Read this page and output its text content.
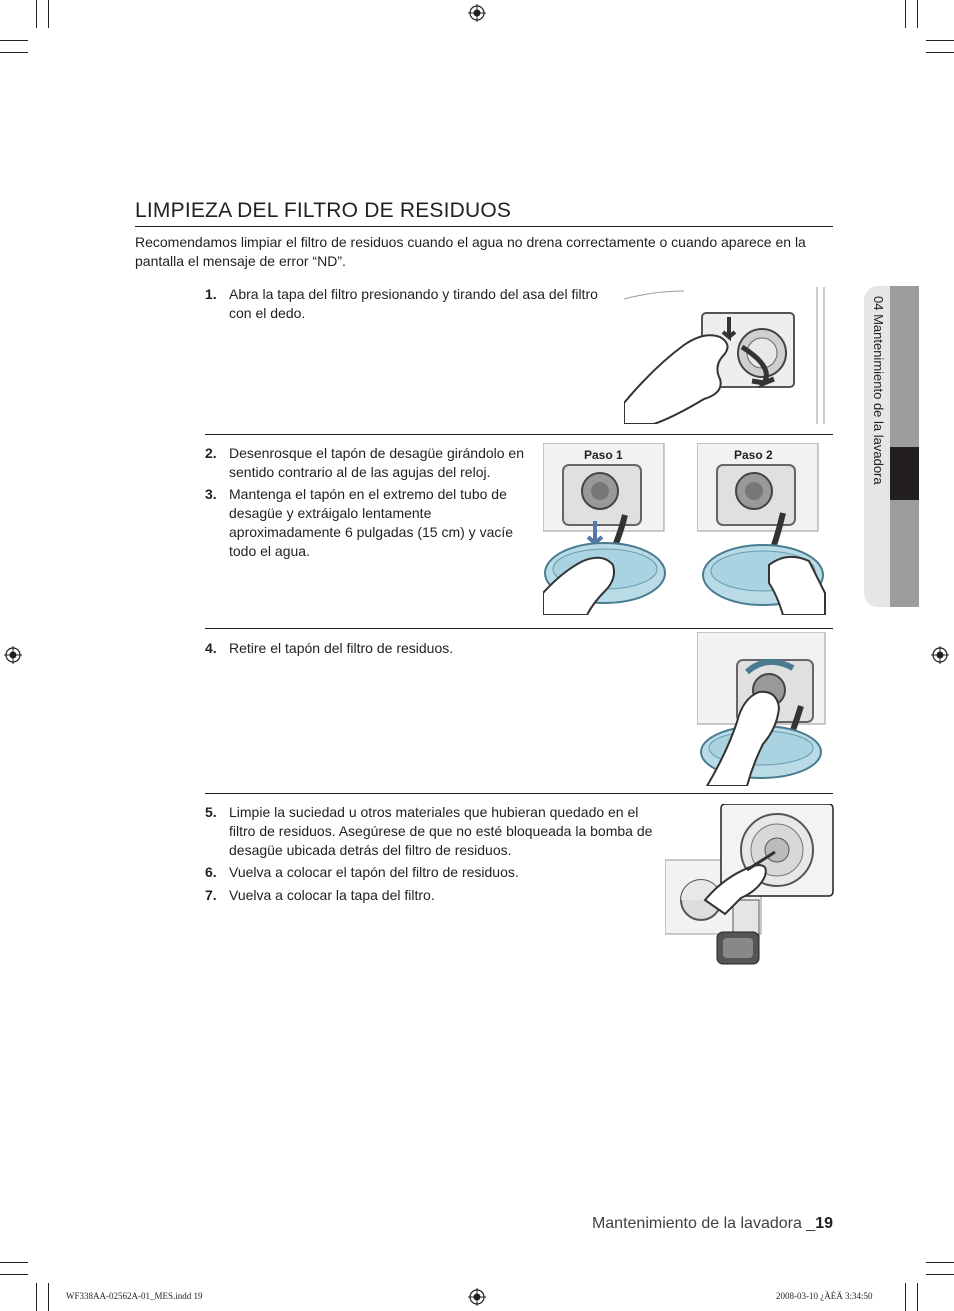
LIMPIEZA DEL FILTRO DE RESIDUOS
Recomendamos limpiar el filtro de residuos cuando el agua no drena correctamente o cuando aparece en la pantalla el mensaje de error “ND”.
1. Abra la tapa del filtro presionando y tirando del asa del filtro con el dedo.
2. Desenrosque el tapón de desagüe girándolo en sentido contrario al de las agujas del reloj.
3. Mantenga el tapón en el extremo del tubo de desagüe y extráigalo lentamente aproximadamente 6 pulgadas (15 cm) y vacíe todo el agua.
Paso 1	Paso 2
4. Retire el tapón del filtro de residuos.
5. Limpie la suciedad u otros materiales que hubieran quedado en el filtro de residuos. Asegúrese de que no esté bloqueada la bomba de desagüe ubicada detrás del filtro de residuos.
6. Vuelva a colocar el tapón del filtro de residuos.
7. Vuelva a colocar la tapa del filtro.
04 Mantenimiento de la lavadora
Mantenimiento de la lavadora _19
WF338AA-02562A-01_MES.indd 19	2008-03-10 ¿ÀÈÄ 3:34:50
